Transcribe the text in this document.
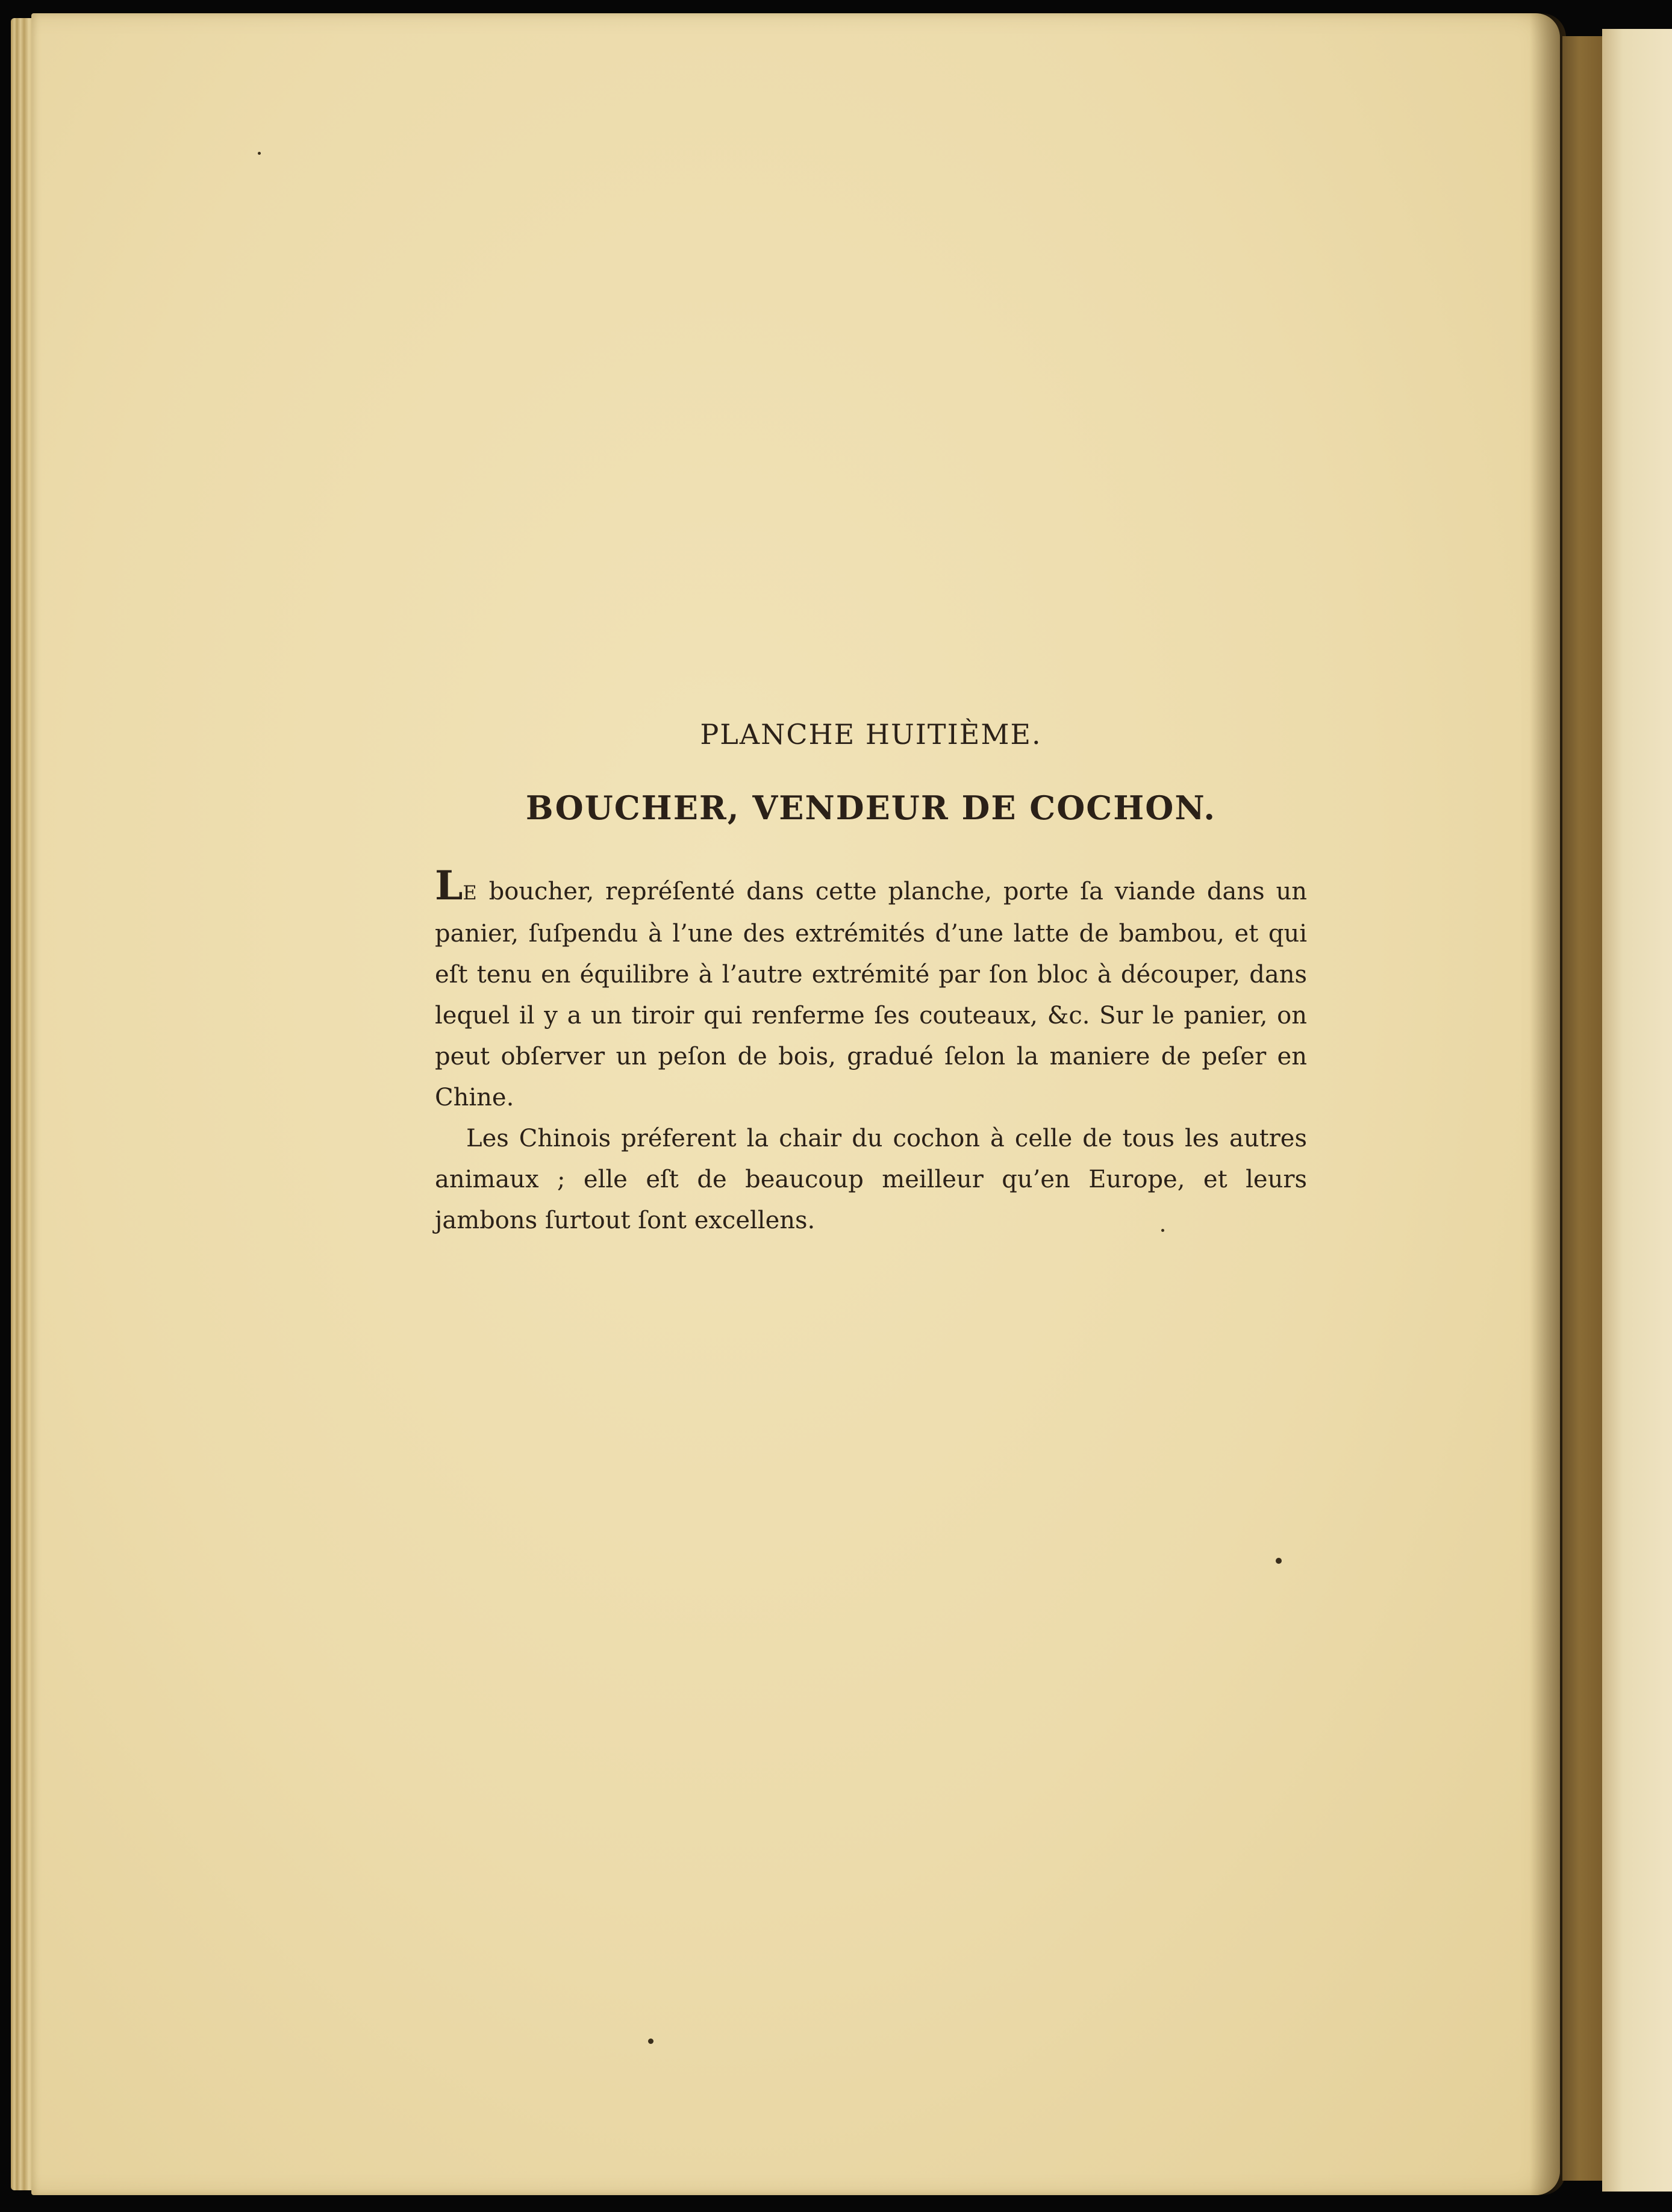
PLANCHE HUITIÈME.
BOUCHER, VENDEUR DE COCHON.

LE boucher, repréſenté dans cette planche, porte ſa viande dans un panier, ſuſpendu à l’une des extrémités d’une latte de bambou, et qui eſt tenu en équilibre à l’autre extrémité par ſon bloc à découper, dans lequel il y a un tiroir qui renferme ſes couteaux, &c. Sur le panier, on peut obſerver un peſon de bois, gradué ſelon la maniere de peſer en Chine.

Les Chinois préferent la chair du cochon à celle de tous les autres animaux ; elle eſt de beaucoup meilleur qu’en Europe, et leurs jambons ſurtout ſont excellens.
